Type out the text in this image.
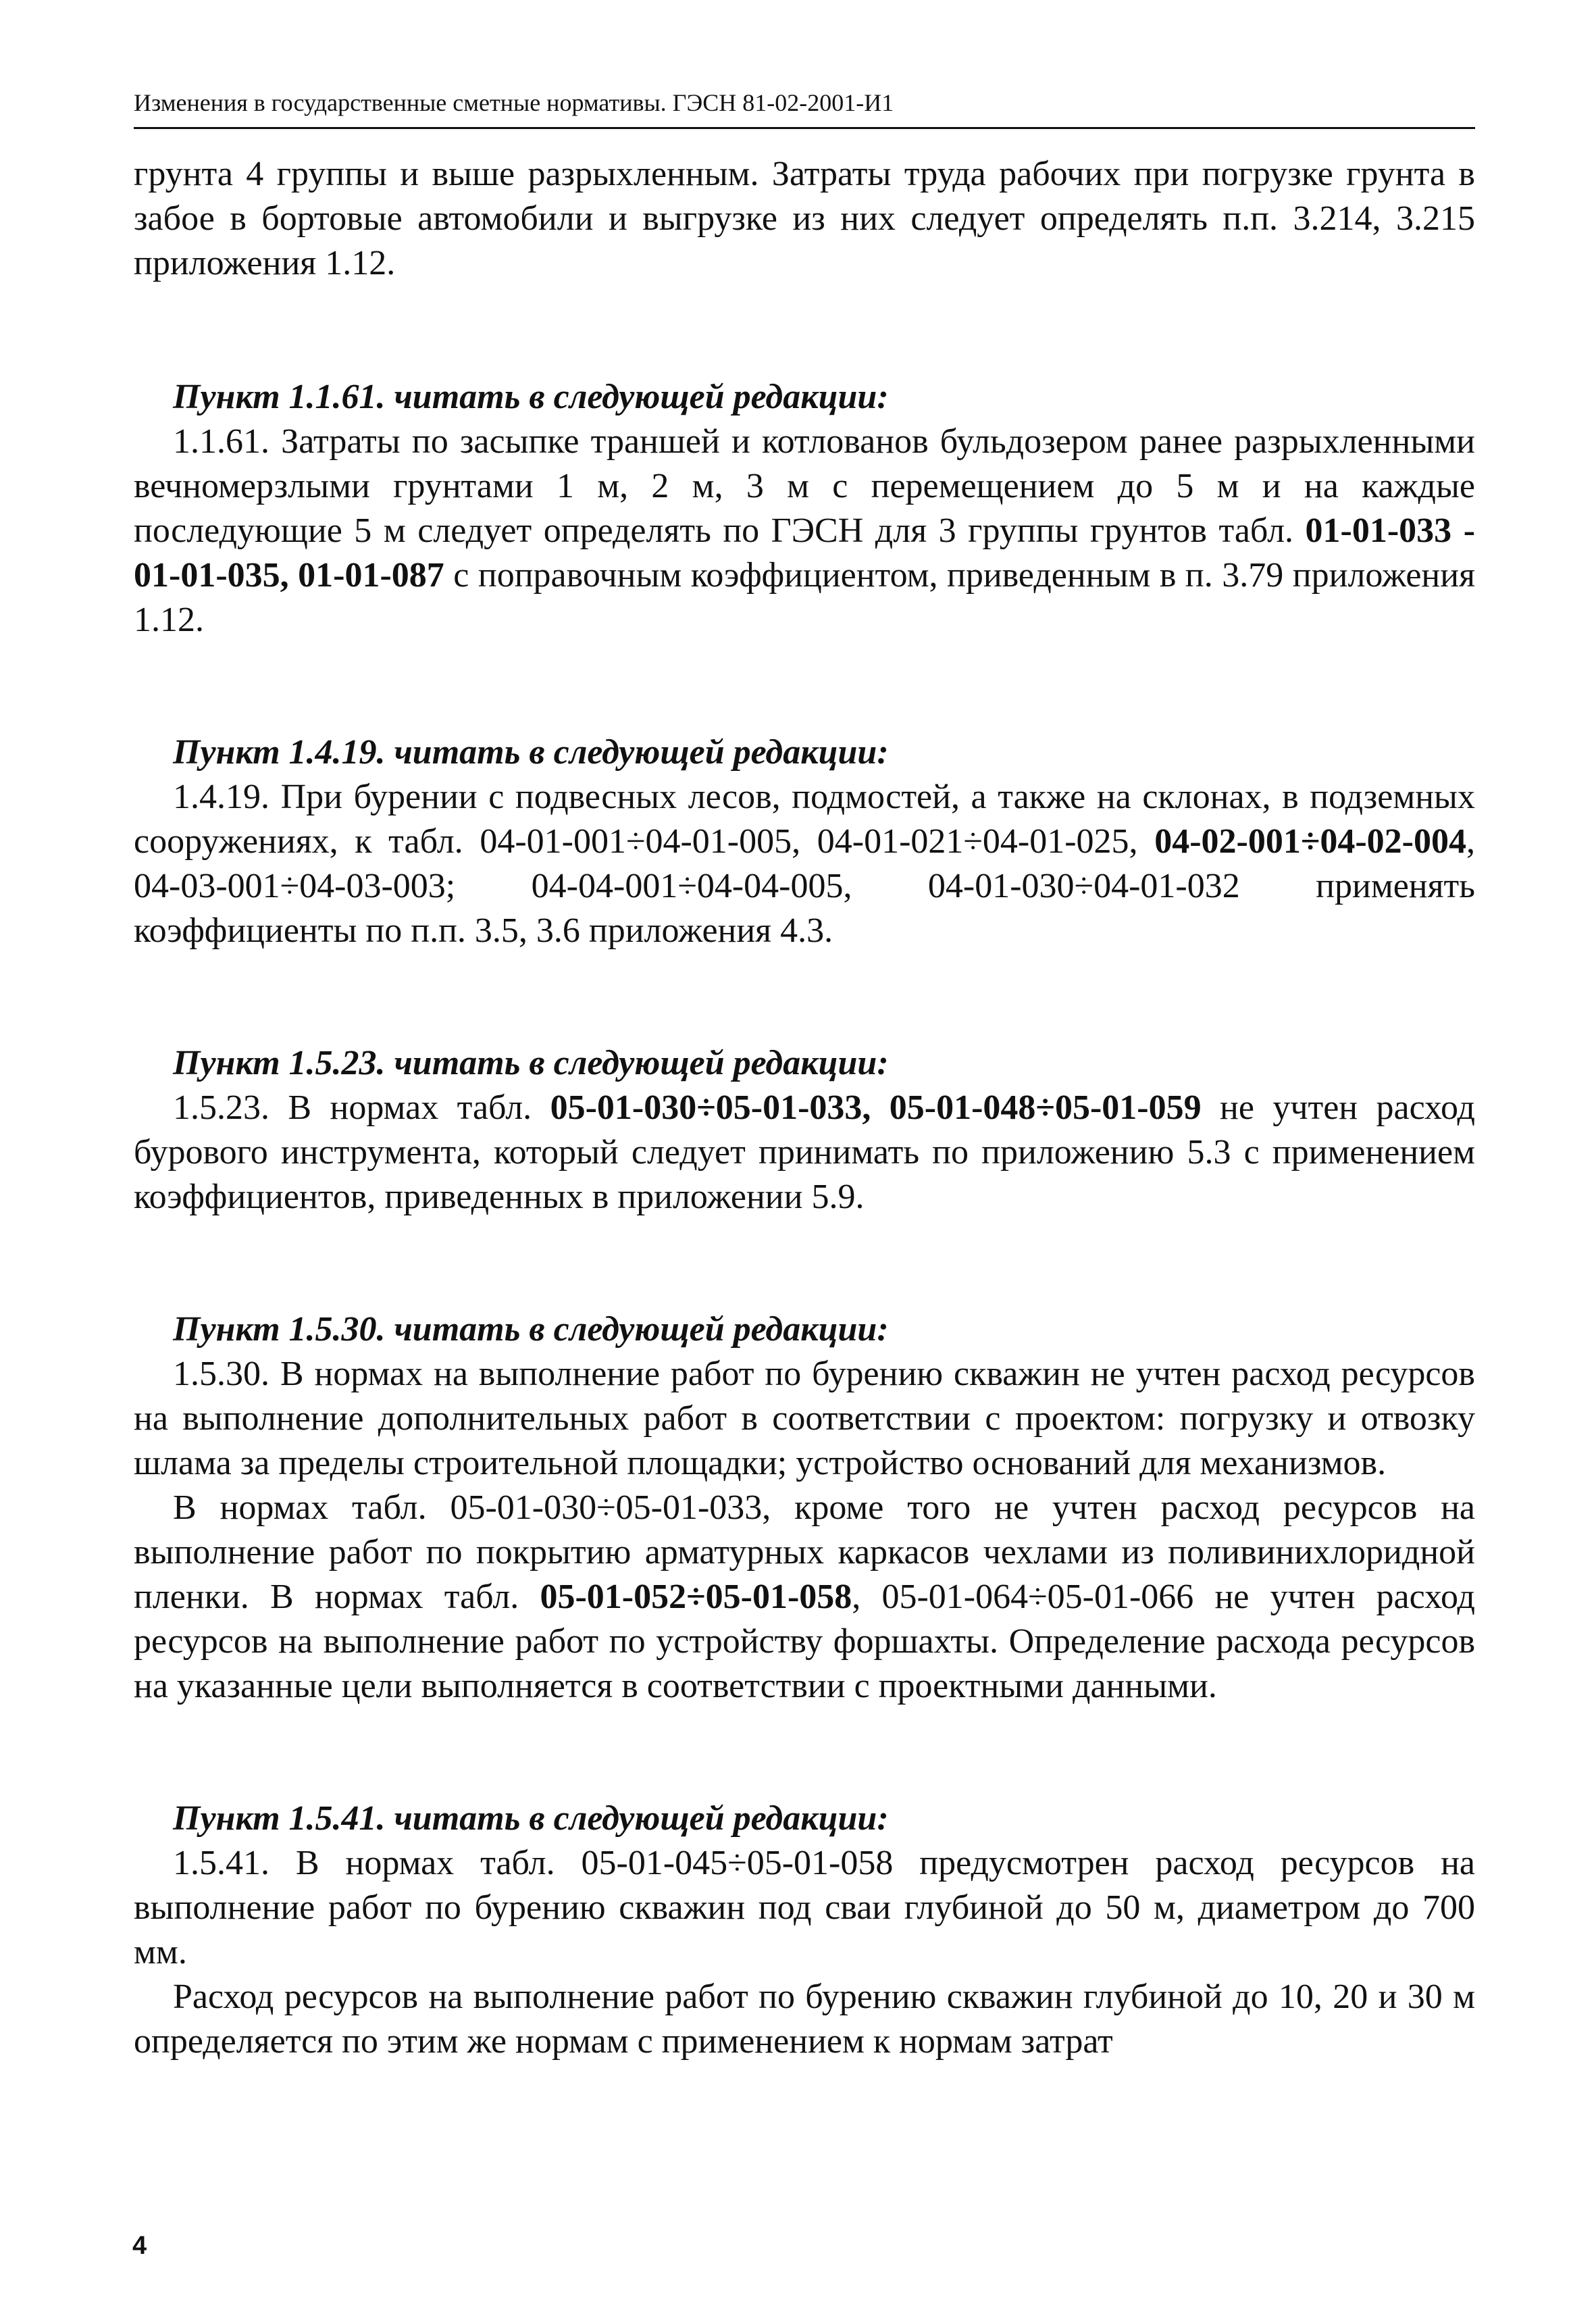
Изменения в государственные сметные нормативы. ГЭСН 81-02-2001-И1

грунта 4 группы и выше разрыхленным. Затраты труда рабочих при погрузке грунта в забое в бортовые автомобили и выгрузке из них следует определять п.п. 3.214, 3.215 приложения 1.12.

Пункт 1.1.61. читать в следующей редакции:

1.1.61. Затраты по засыпке траншей и котлованов бульдозером ранее разрыхленными вечномерзлыми грунтами 1 м, 2 м, 3 м с перемещением до 5 м и на каждые последующие 5 м следует определять по ГЭСН для 3 группы грунтов табл. 01-01-033 - 01-01-035, 01-01-087 с поправочным коэффициентом, приведенным в п. 3.79 приложения 1.12.

Пункт 1.4.19. читать в следующей редакции:

1.4.19. При бурении с подвесных лесов, подмостей, а также на склонах, в подземных сооружениях, к табл. 04-01-001÷04-01-005, 04-01-021÷04-01-025, 04-02-001÷04-02-004, 04-03-001÷04-03-003; 04-04-001÷04-04-005, 04-01-030÷04-01-032 применять коэффициенты по п.п. 3.5, 3.6 приложения 4.3.

Пункт 1.5.23. читать в следующей редакции:

1.5.23. В нормах табл. 05-01-030÷05-01-033, 05-01-048÷05-01-059 не учтен расход бурового инструмента, который следует принимать по приложению 5.3 с применением коэффициентов, приведенных в приложении 5.9.

Пункт 1.5.30. читать в следующей редакции:

1.5.30. В нормах на выполнение работ по бурению скважин не учтен расход ресурсов на выполнение дополнительных работ в соответствии с проектом: погрузку и отвозку шлама за пределы строительной площадки; устройство оснований для механизмов.

В нормах табл. 05-01-030÷05-01-033, кроме того не учтен расход ресурсов на выполнение работ по покрытию арматурных каркасов чехлами из поливинихлоридной пленки. В нормах табл. 05-01-052÷05-01-058, 05-01-064÷05-01-066 не учтен расход ресурсов на выполнение работ по устройству форшахты. Определение расхода ресурсов на указанные цели выполняется в соответствии с проектными данными.

Пункт 1.5.41. читать в следующей редакции:

1.5.41. В нормах табл. 05-01-045÷05-01-058 предусмотрен расход ресурсов на выполнение работ по бурению скважин под сваи глубиной до 50 м, диаметром до 700 мм.

Расход ресурсов на выполнение работ по бурению скважин глубиной до 10, 20 и 30 м определяется по этим же нормам с применением к нормам затрат

4
